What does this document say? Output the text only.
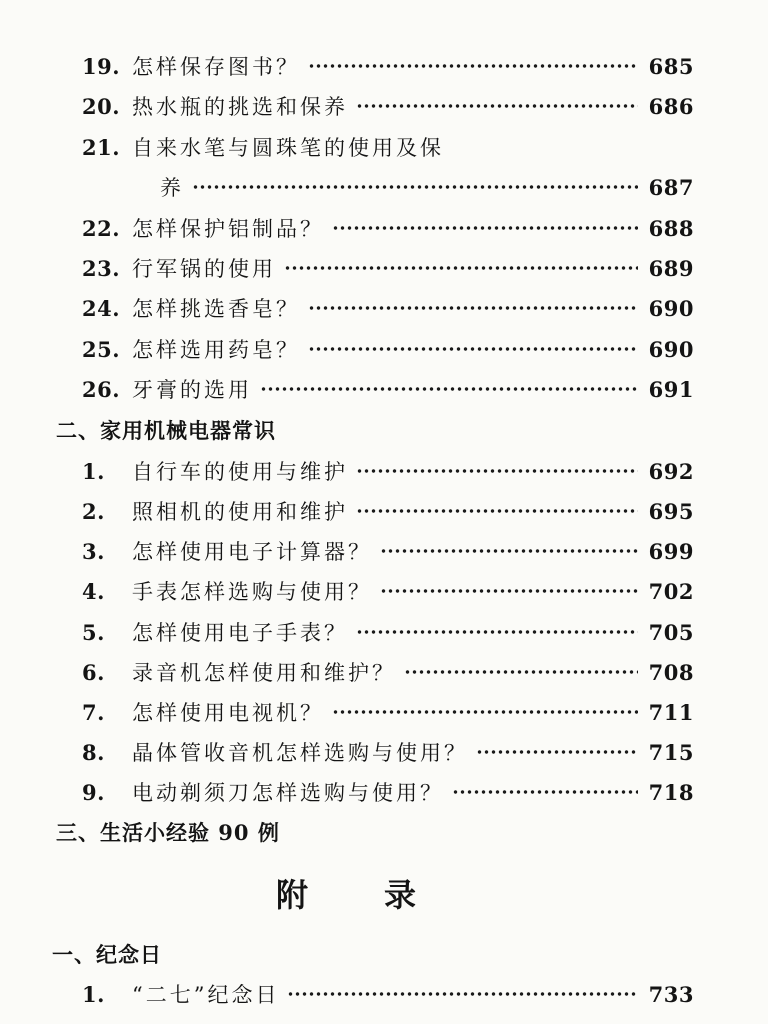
19. 怎样保存图书？	685
20. 热水瓶的挑选和保养	686
21. 自来水笔与圆珠笔的使用及保
养	687
22. 怎样保护铝制品？	688
23. 行军锅的使用	689
24. 怎样挑选香皂？	690
25. 怎样选用药皂？	690
26. 牙膏的选用	691
二、家用机械电器常识
1.	自行车的使用与维护	692
2.	照相机的使用和维护	695
3.	怎样使用电子计算器？	699
4.	手表怎样选购与使用？	702
5.	怎样使用电子手表？	705
6.	录音机怎样使用和维护？	708
7.	怎样使用电视机？	711
8.	晶体管收音机怎样选购与使用？	715
9.	电动剃须刀怎样选购与使用？	718
三、生活小经验 90 例
附录
一、纪念日
1.	“二七”纪念日	733
